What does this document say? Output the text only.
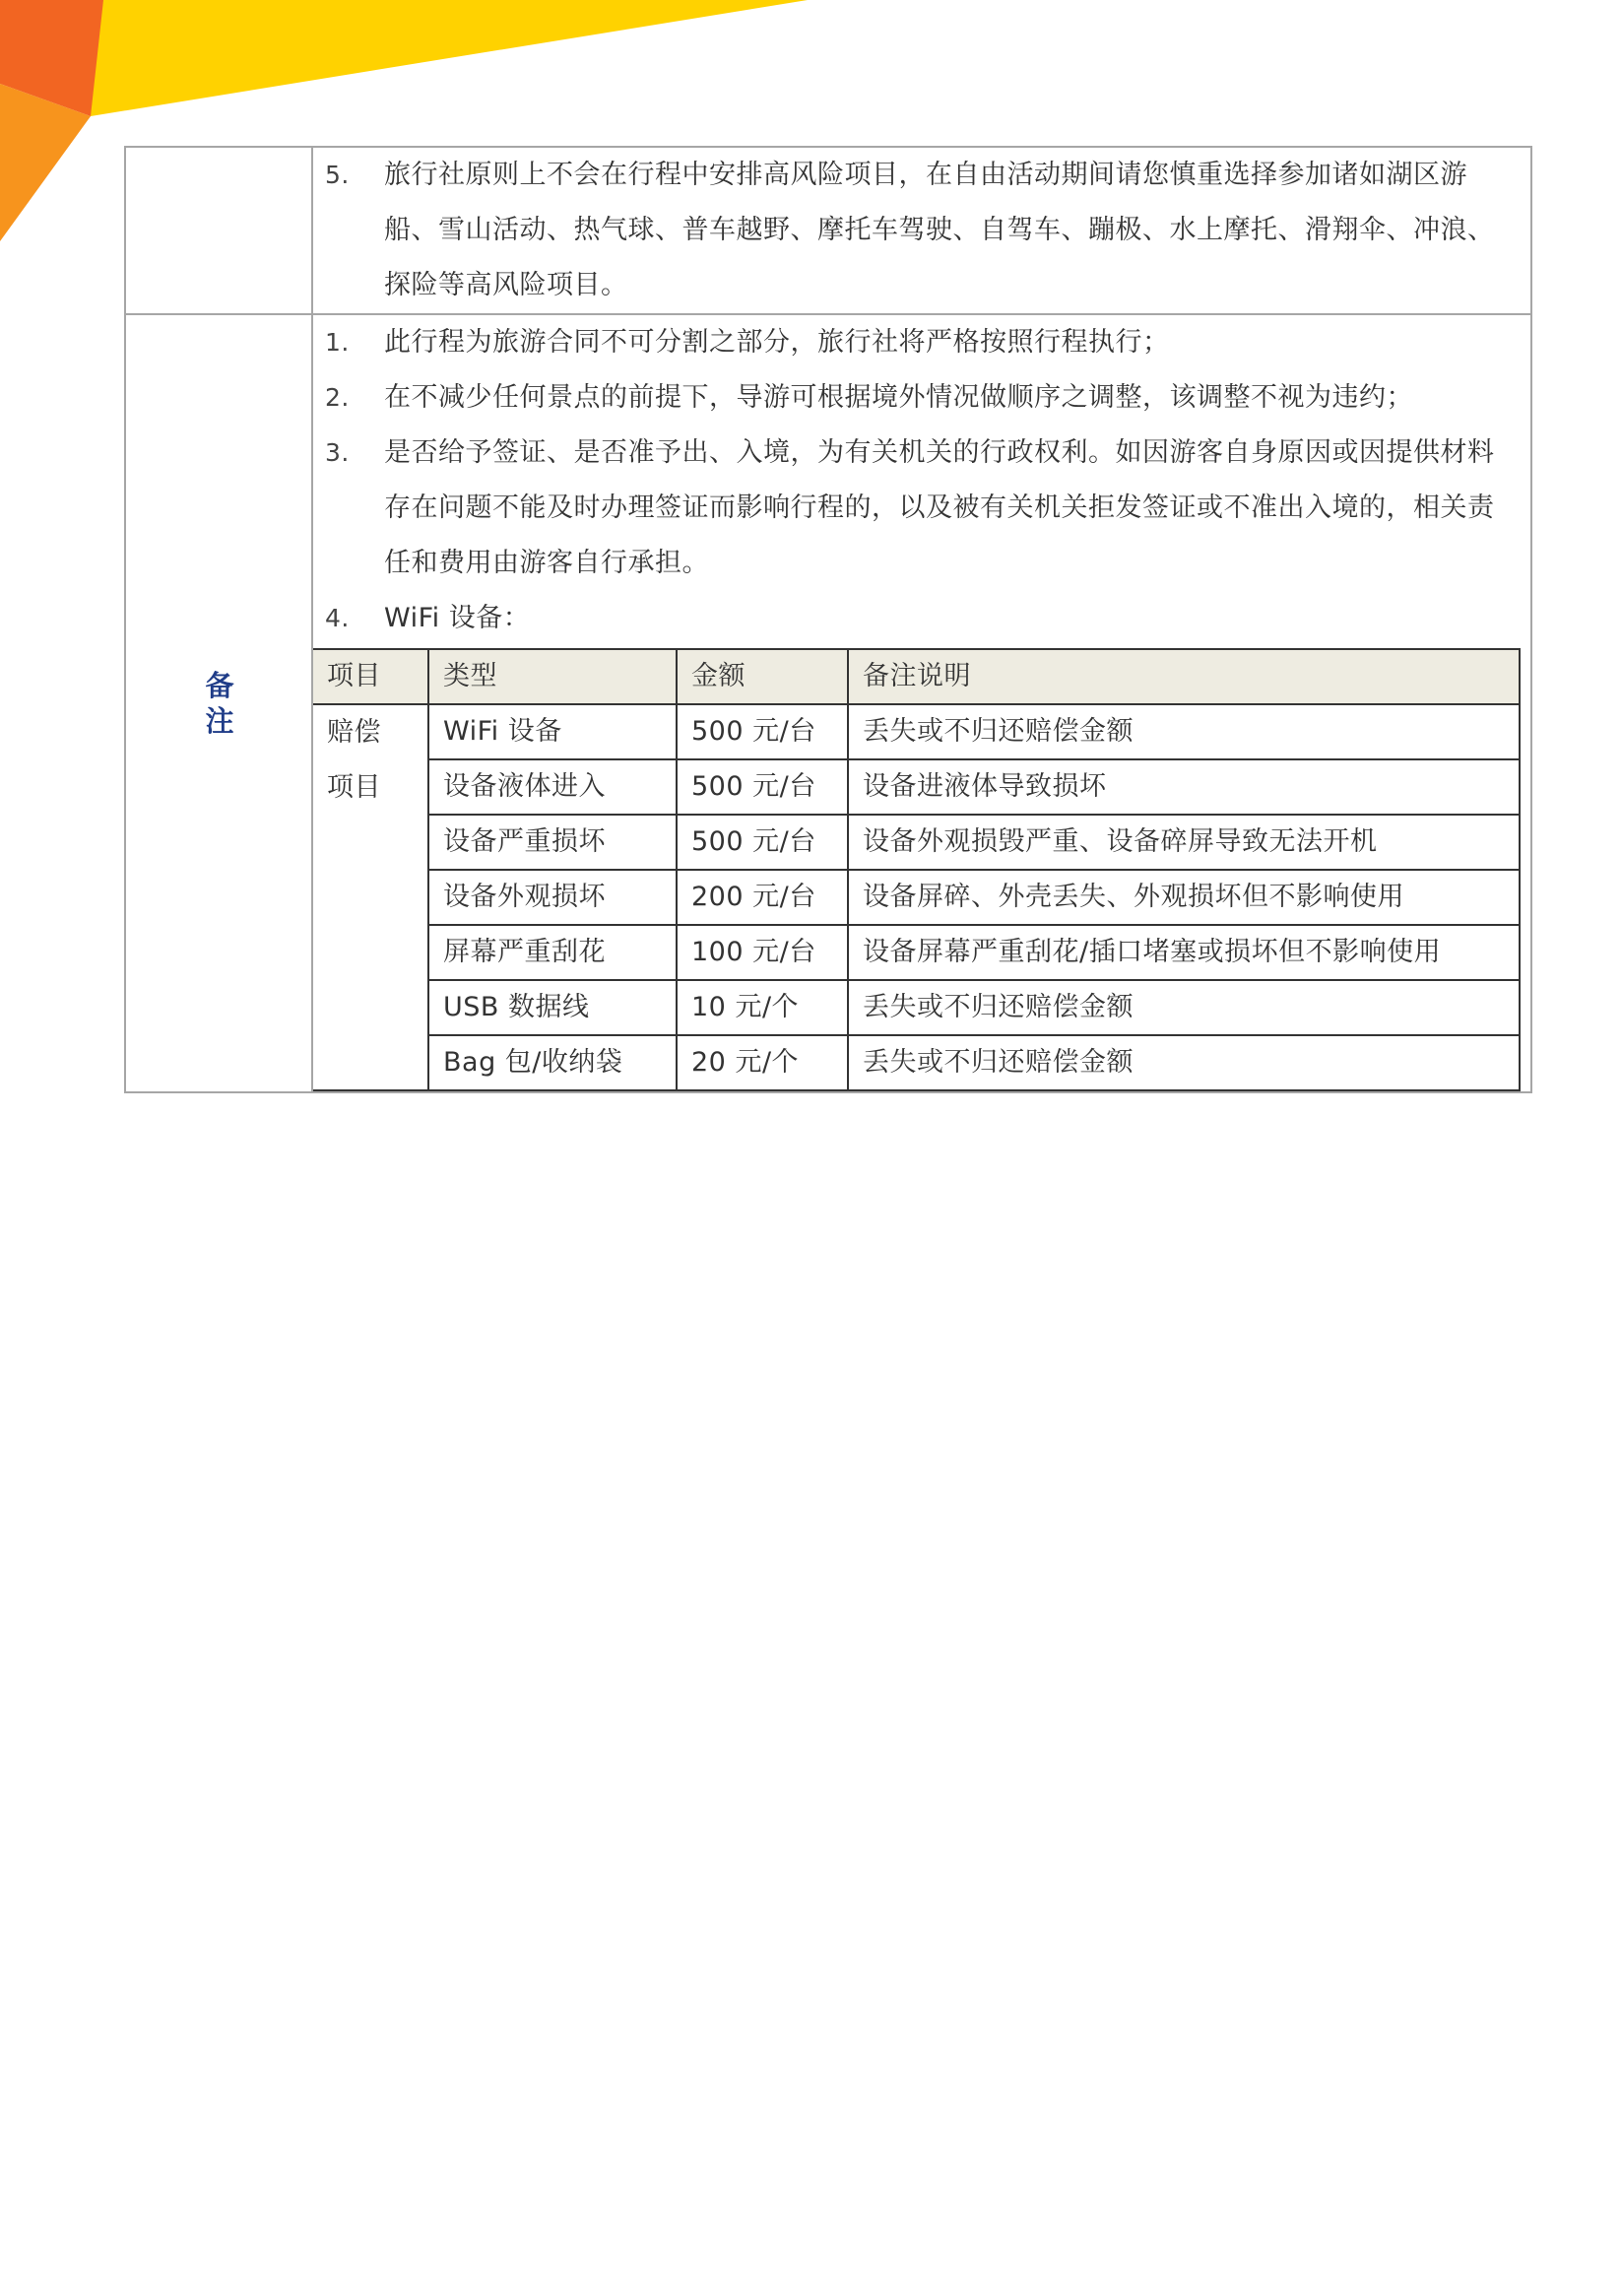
5.	旅行社原则上不会在行程中安排高风险项目，在自由活动期间请您慎重选择参加诸如湖区游船、雪山活动、热气球、普车越野、摩托车驾驶、自驾车、蹦极、水上摩托、滑翔伞、冲浪、探险等高风险项目。

备注	
1.	此行程为旅游合同不可分割之部分，旅行社将严格按照行程执行；
2.	在不减少任何景点的前提下，导游可根据境外情况做顺序之调整，该调整不视为违约；
3.	是否给予签证、是否准予出、入境，为有关机关的行政权利。如因游客自身原因或因提供材料存在问题不能及时办理签证而影响行程的，以及被有关机关拒发签证或不准出入境的，相关责任和费用由游客自行承担。
4.	WiFi 设备：
项目	类型	金额	备注说明

赔偿项目
	WiFi 设备	500 元/台	丢失或不归还赔偿金额
设备液体进入	500 元/台	设备进液体导致损坏
设备严重损坏	500 元/台	设备外观损毁严重、设备碎屏导致无法开机
设备外观损坏	200 元/台	设备屏碎、外壳丢失、外观损坏但不影响使用
屏幕严重刮花	100 元/台	设备屏幕严重刮花/插口堵塞或损坏但不影响使用
USB 数据线	10 元/个	丢失或不归还赔偿金额
Bag 包/收纳袋	20 元/个	丢失或不归还赔偿金额
